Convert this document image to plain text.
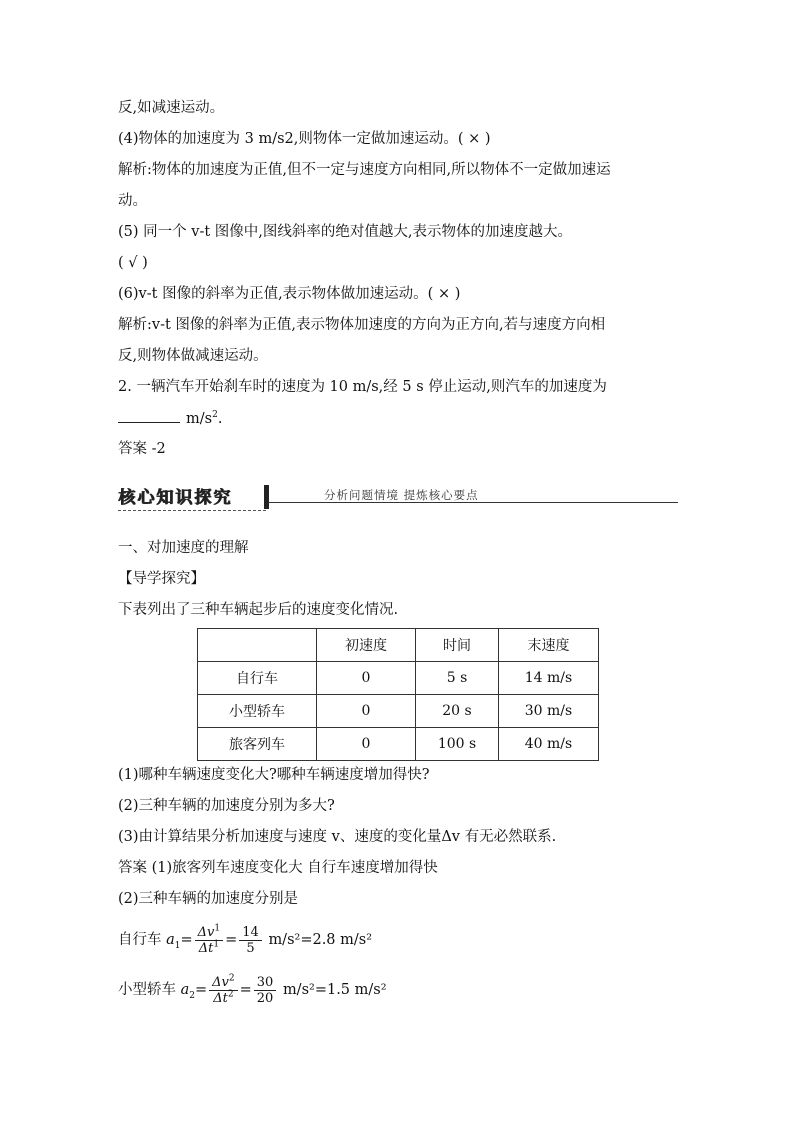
反,如减速运动。
(4)物体的加速度为 3 m/s2,则物体一定做加速运动。( × )
解析:物体的加速度为正值,但不一定与速度方向相同,所以物体不一定做加速运
动。
(5) 同一个 v-t 图像中,图线斜率的绝对值越大,表示物体的加速度越大。
( √ )
(6)v-t 图像的斜率为正值,表示物体做加速运动。( × )
解析:v-t 图像的斜率为正值,表示物体加速度的方向为正方向,若与速度方向相
反,则物体做减速运动。
2. 一辆汽车开始刹车时的速度为 10 m/s,经 5 s 停止运动,则汽车的加速度为
$m/s^2$.
答案 -2
核心知识探究	分析问题情境 提炼核心要点
一、对加速度的理解
【导学探究】
下表列出了三种车辆起步后的速度变化情况.
	初速度	时间	末速度
自行车	0	5 s	14 m/s
小型轿车	0	20 s	30 m/s
旅客列车	0	100 s	40 m/s
(1)哪种车辆速度变化大?哪种车辆速度增加得快?
(2)三种车辆的加速度分别为多大?
(3)由计算结果分析加速度与速度 v、速度的变化量Δv 有无必然联系.
答案 (1)旅客列车速度变化大 自行车速度增加得快
(2)三种车辆的加速度分别是
自行车 $a_1= \frac{\Delta v^1}{\Delta t^1} = \frac{14}{5} m/s^2=2.8$ m/s²
小型轿车 $a_2= \frac{\Delta v^2}{\Delta t^2} = \frac{30}{20} m/s^2=1.5$ m/s²
